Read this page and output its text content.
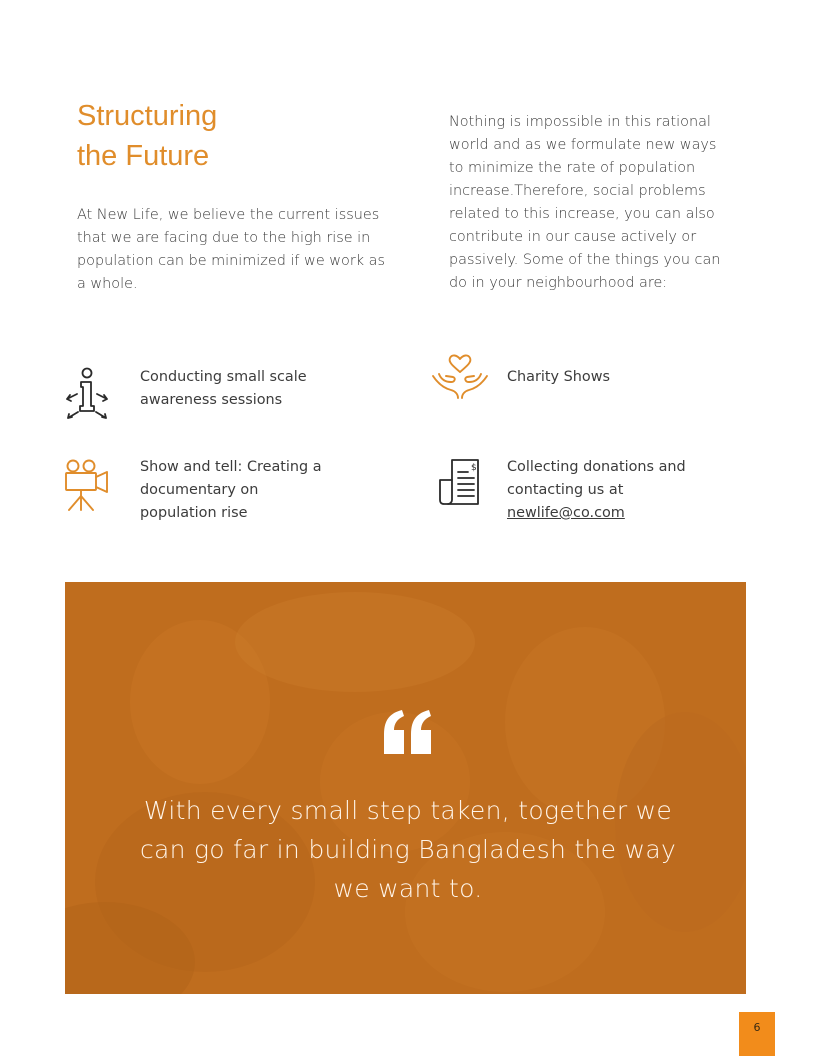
Structuring
the Future

At New Life, we believe the current issues
that we are facing due to the high rise in
population can be minimized if we work as
a whole.

Nothing is impossible in this rational
world and as we formulate new ways
to minimize the rate of population
increase.Therefore, social problems
related to this increase, you can also
contribute in our cause actively or
passively. Some of the things you can
do in your neighbourhood are:

Conducting small scale
awareness sessions
Charity Shows
Show and tell: Creating a
documentary on
population rise
$ Collecting donations and
contacting us at
newlife@co.com

With every small step taken, together we
can go far in building Bangladesh the way
we want to.

6
